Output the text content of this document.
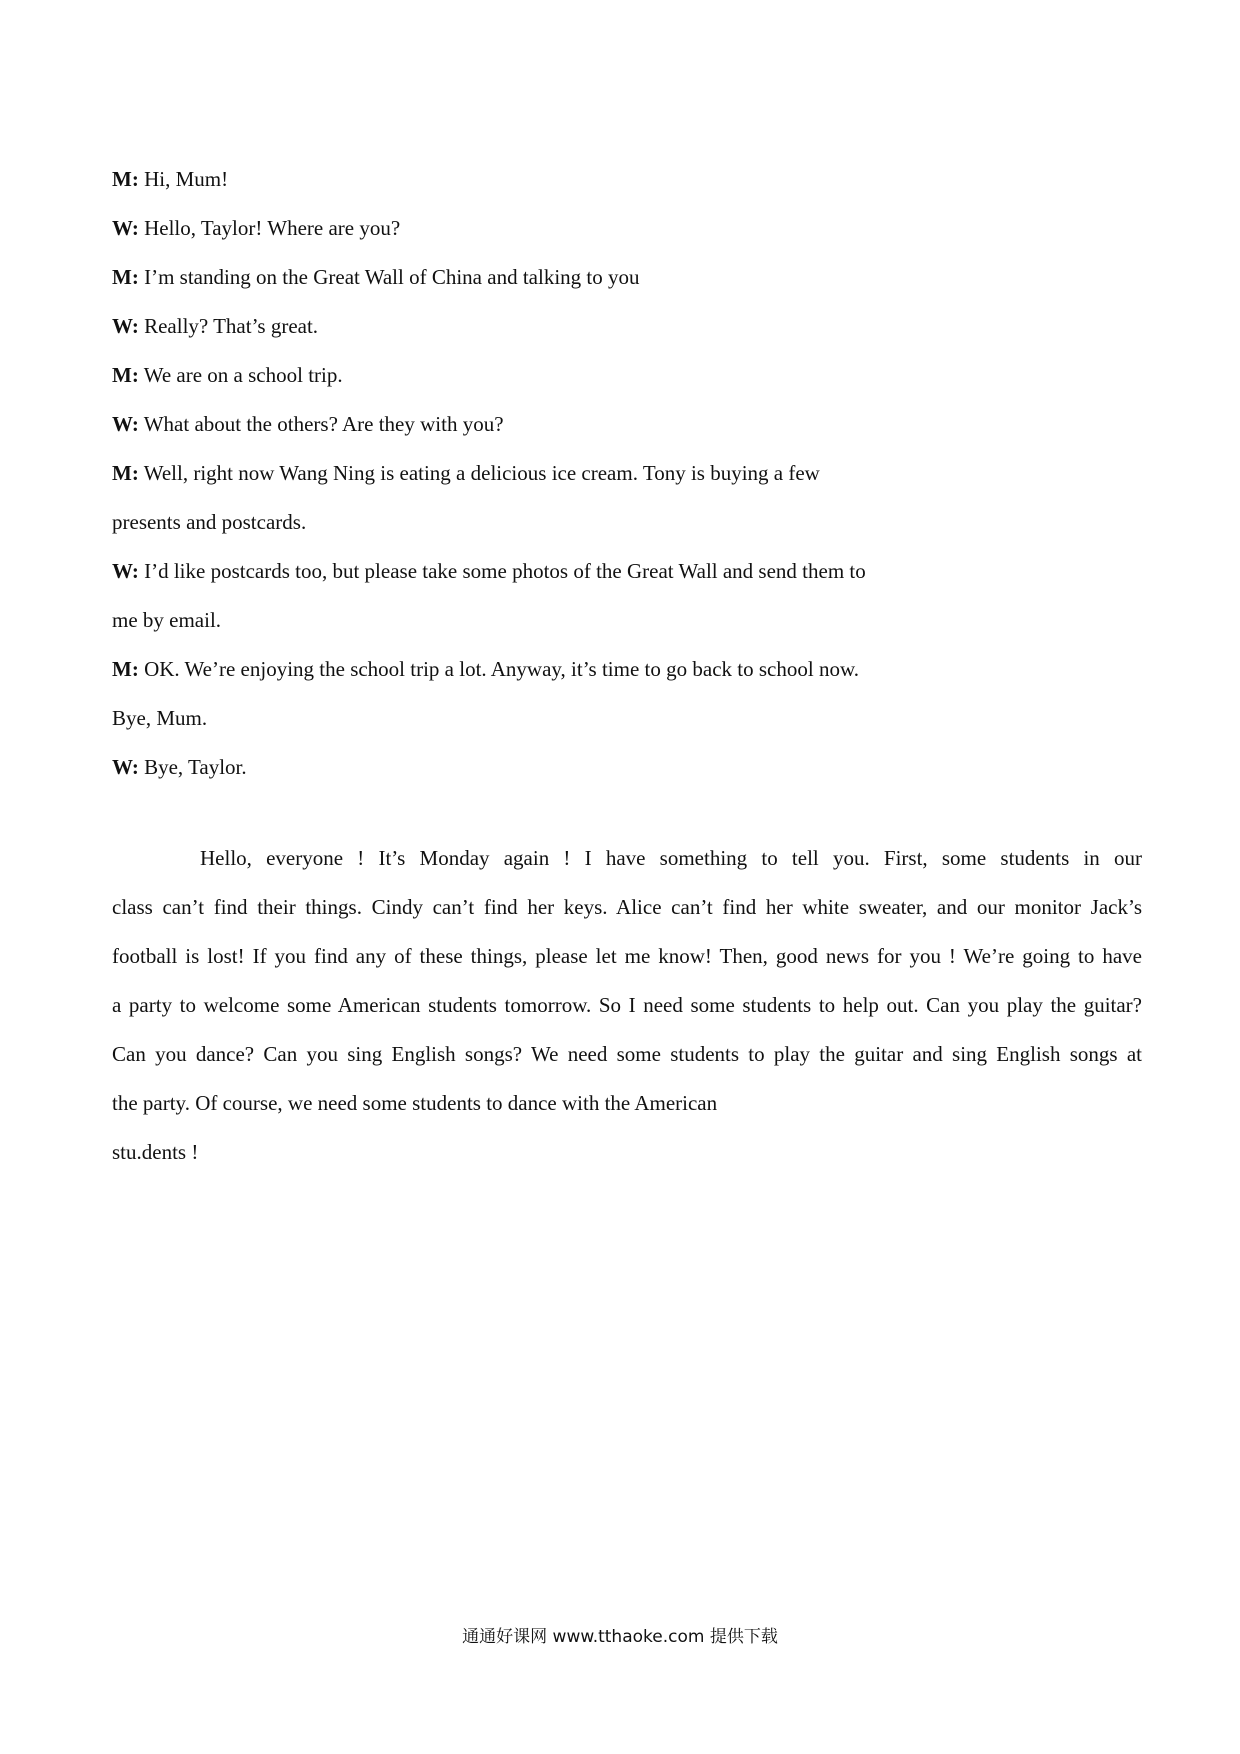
M: Hi, Mum!
W: Hello, Taylor! Where are you?
M: I’m standing on the Great Wall of China and talking to you
W: Really? That’s great.
M: We are on a school trip.
W: What about the others? Are they with you?
M: Well, right now Wang Ning is eating a delicious ice cream. Tony is buying a few
presents and postcards.
W: I’d like postcards too, but please take some photos of the Great Wall and send them to
me by email.
M: OK. We’re enjoying the school trip a lot. Anyway, it’s time to go back to school now.
Bye, Mum.
W: Bye, Taylor.
Hello, everyone ! It’s Monday again ! I have something to tell you. First, some students in our
class can’t find their things. Cindy can’t find her keys. Alice can’t find her white sweater, and our monitor Jack’s
football is lost! If you find any of these things, please let me know! Then, good news for you ! We’re going to have
a party to welcome some American students tomorrow. So I need some students to help out. Can you play the guitar?
Can you dance? Can you sing English songs? We need some students to play the guitar and sing English songs at
the party. Of course, we need some students to dance with the American
stu.dents !
通通好课网 www.tthaoke.com 提供下载
